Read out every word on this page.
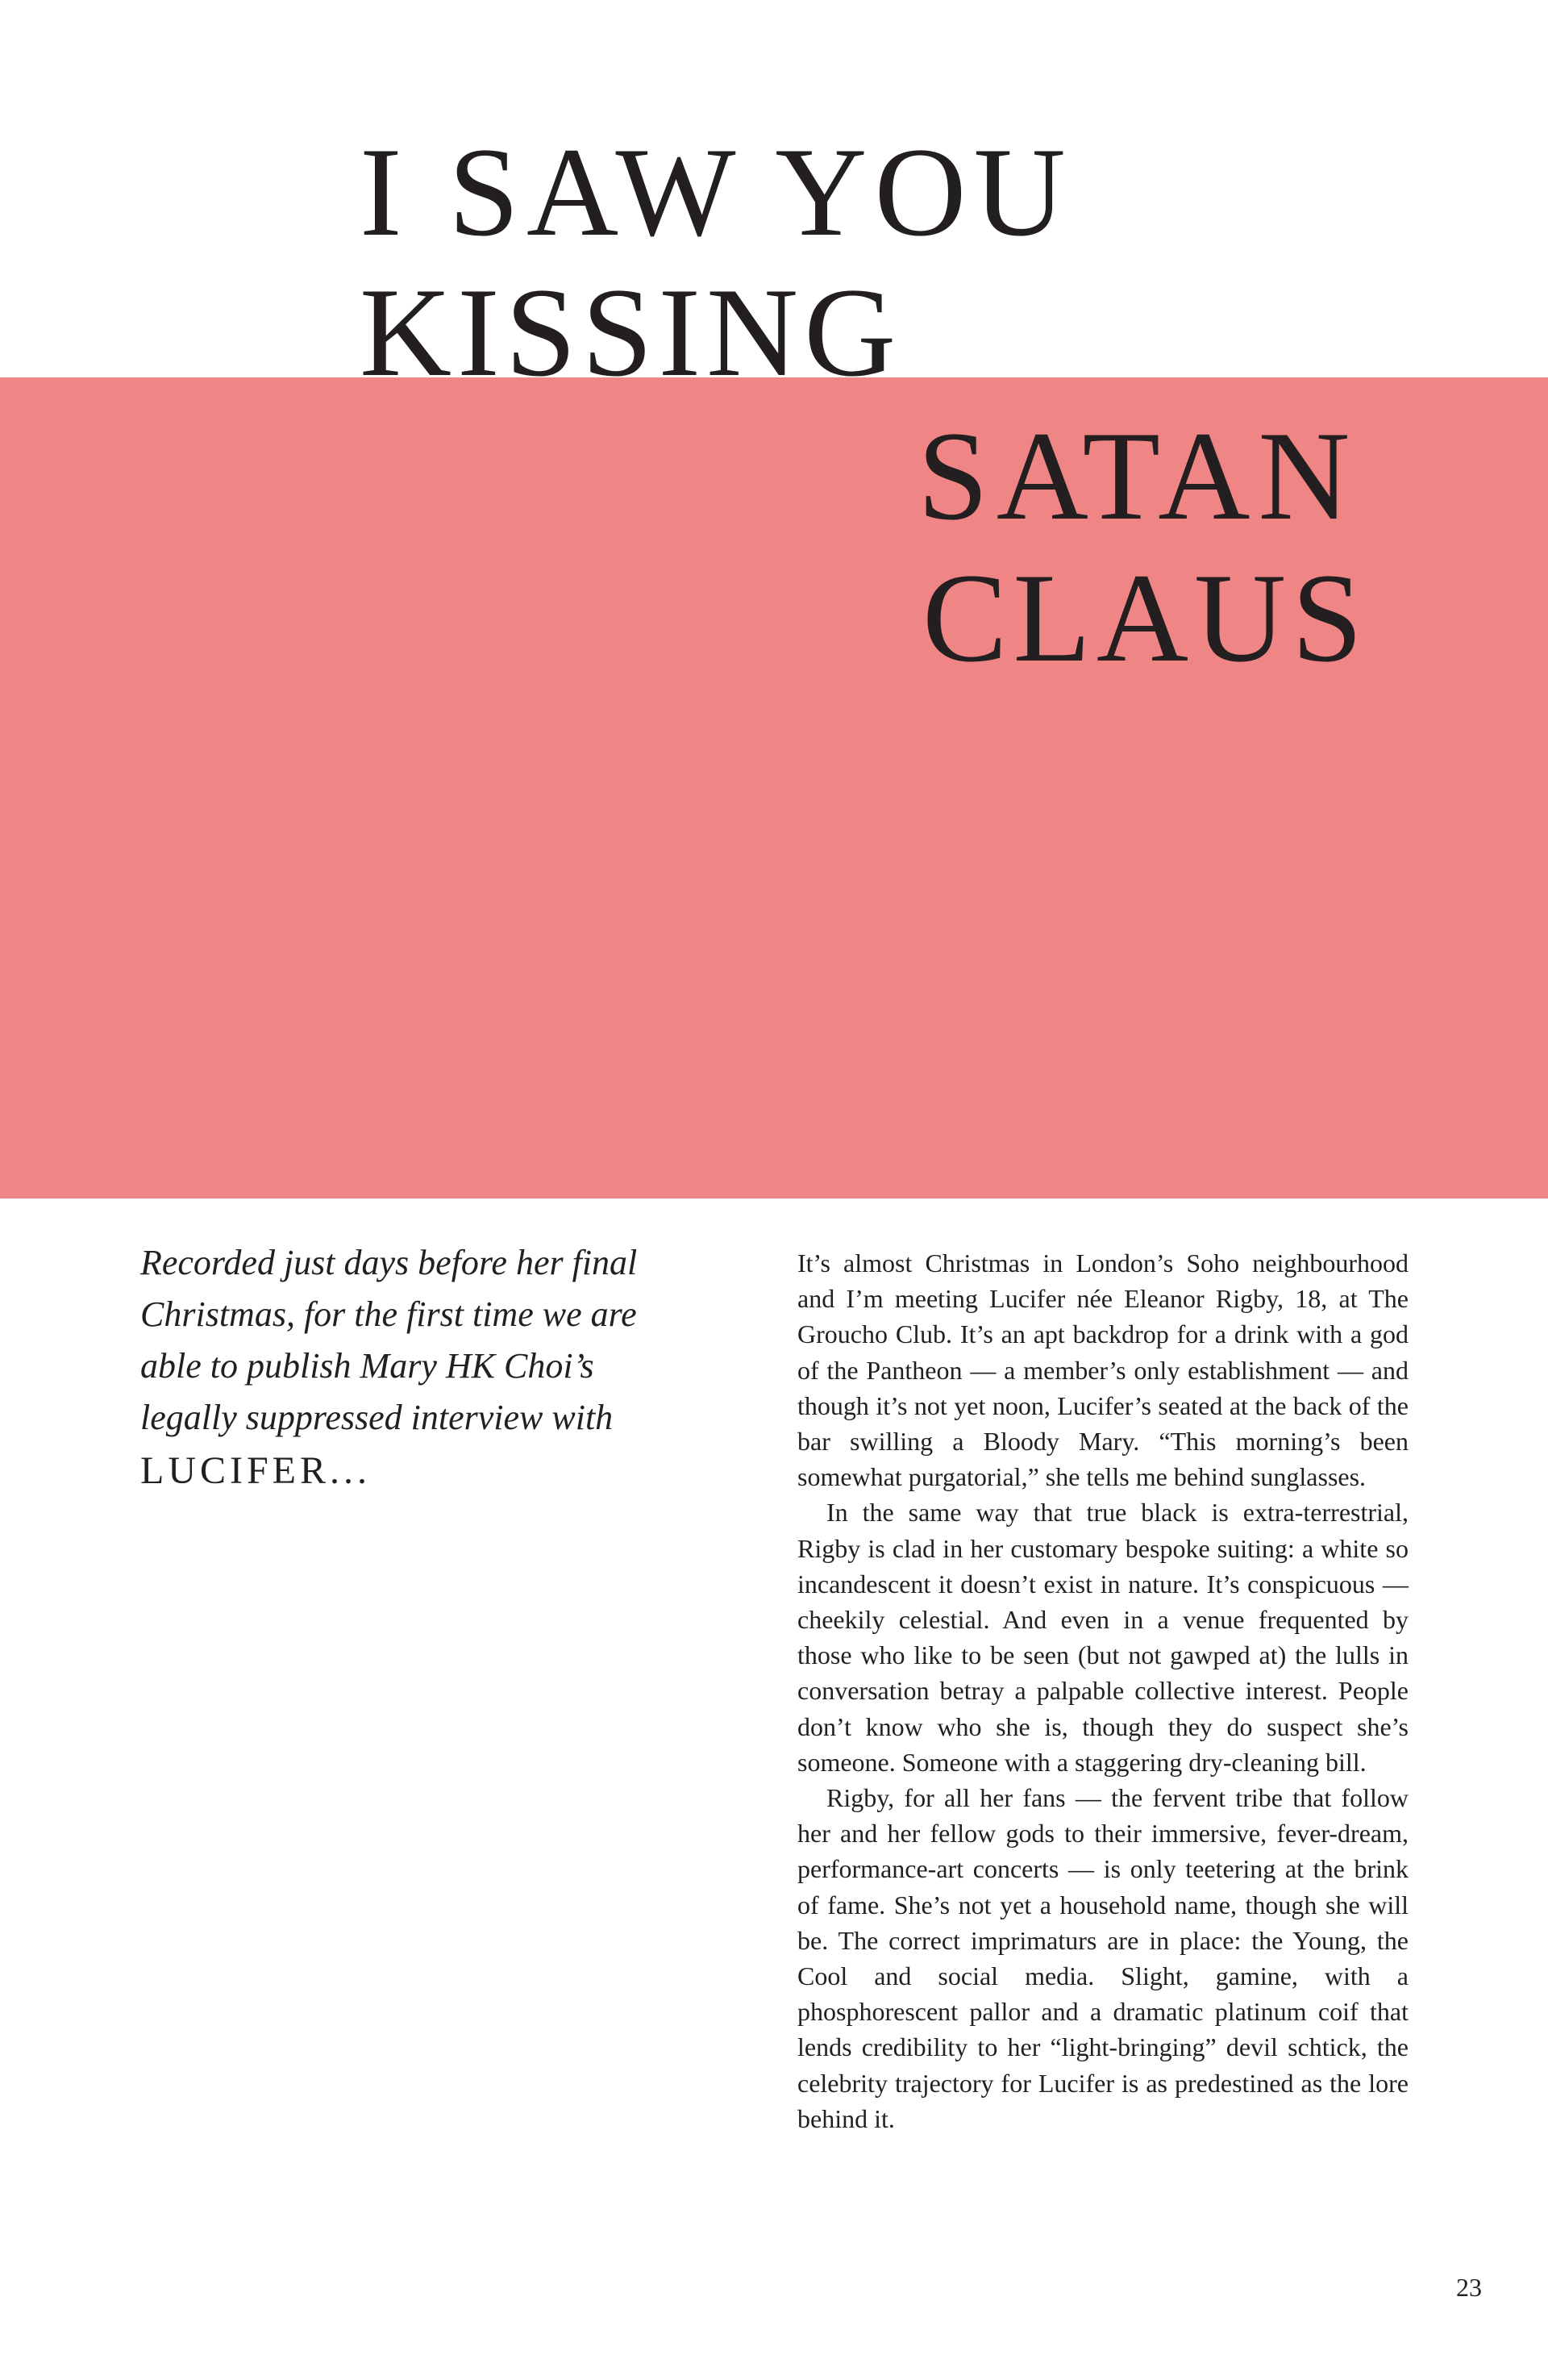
I SAW YOU
KISSING
SATAN
CLAUS
Recorded just days before her final
Christmas, for the first time we are
able to publish Mary HK Choi’s
legally suppressed interview with
LUCIFER...

It’s almost Christmas in London’s Soho neighbourhood and I’m meeting Lucifer née Eleanor Rigby, 18, at The Groucho Club. It’s an apt backdrop for a drink with a god of the Pantheon — a member’s only establishment — and though it’s not yet noon, Lucifer’s seated at the back of the bar swilling a Bloody Mary. “This morning’s been somewhat purgatorial,” she tells me behind sunglasses.

In the same way that true black is extra-terrestrial, Rigby is clad in her customary bespoke suiting: a white so incandescent it doesn’t exist in nature. It’s conspicuous — cheekily celestial. And even in a venue frequented by those who like to be seen (but not gawped at) the lulls in conversation betray a palpable collective interest. People don’t know who she is, though they do suspect she’s someone. Someone with a staggering dry-cleaning bill.

Rigby, for all her fans — the fervent tribe that follow her and her fellow gods to their immersive, fever-dream, performance-art concerts — is only teetering at the brink of fame. She’s not yet a household name, though she will be. The correct imprimaturs are in place: the Young, the Cool and social media. Slight, gamine, with a phosphorescent pallor and a dramatic platinum coif that lends credibility to her “light-bringing” devil schtick, the celebrity trajectory for Lucifer is as predestined as the lore behind it.

23
